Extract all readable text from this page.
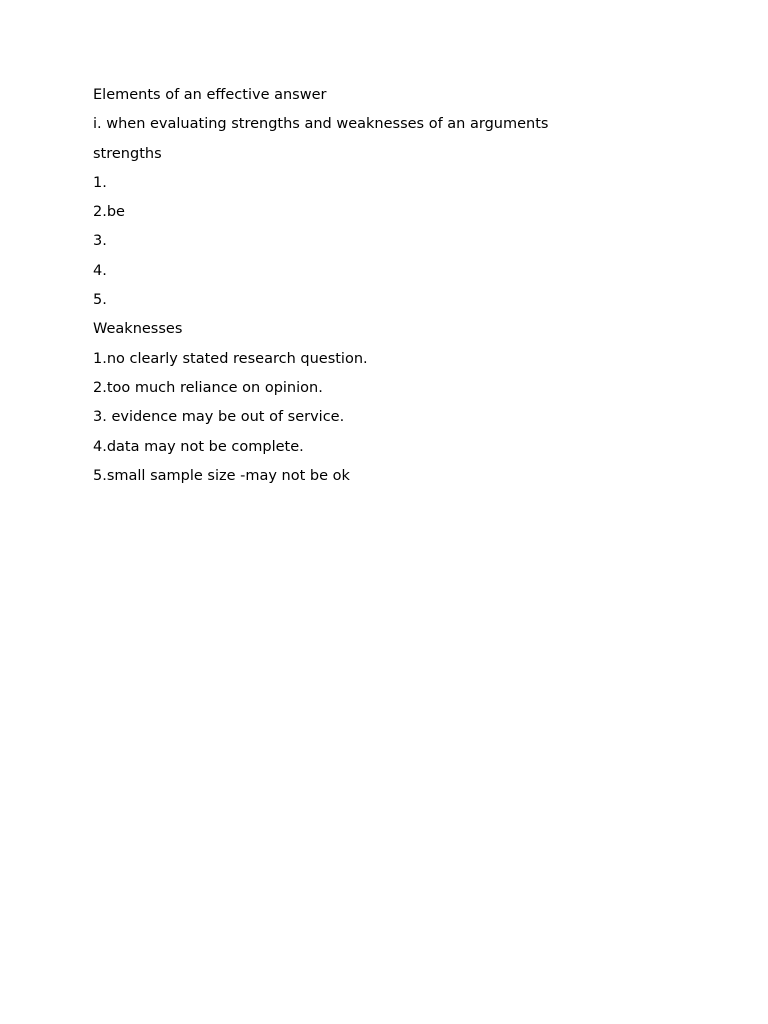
Elements of an effective answer
i. when evaluating strengths and weaknesses of an arguments
strengths
1.
2.be
3.
4.
5.
Weaknesses
1.no clearly stated research question.
2.too much reliance on opinion.
3. evidence may be out of service.
4.data may not be complete.
5.small sample size -may not be ok
